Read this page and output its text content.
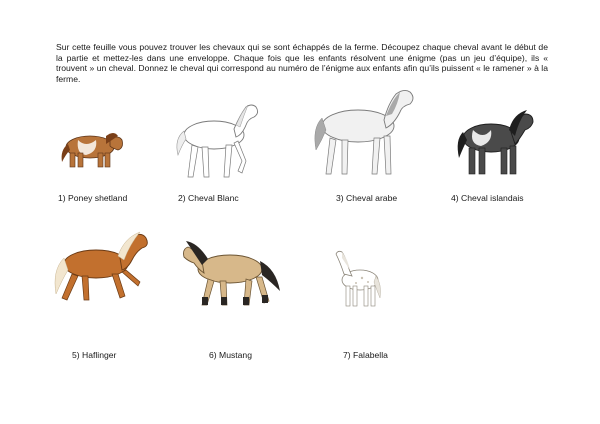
Sur cette feuille vous pouvez trouver les chevaux qui se sont échappés de la ferme. Découpez chaque cheval avant le début de la partie et mettez-les dans une enveloppe. Chaque fois que les enfants résolvent une énigme (pas un jeu d’équipe), ils « trouvent » un cheval. Donnez le cheval qui correspond au numéro de l’énigme aux enfants afin qu’ils puissent « le ramener » à la ferme.

1) Poney shetland	2) Cheval Blanc	3) Cheval arabe	4) Cheval islandais
5) Haflinger	6) Mustang	7) Falabella
